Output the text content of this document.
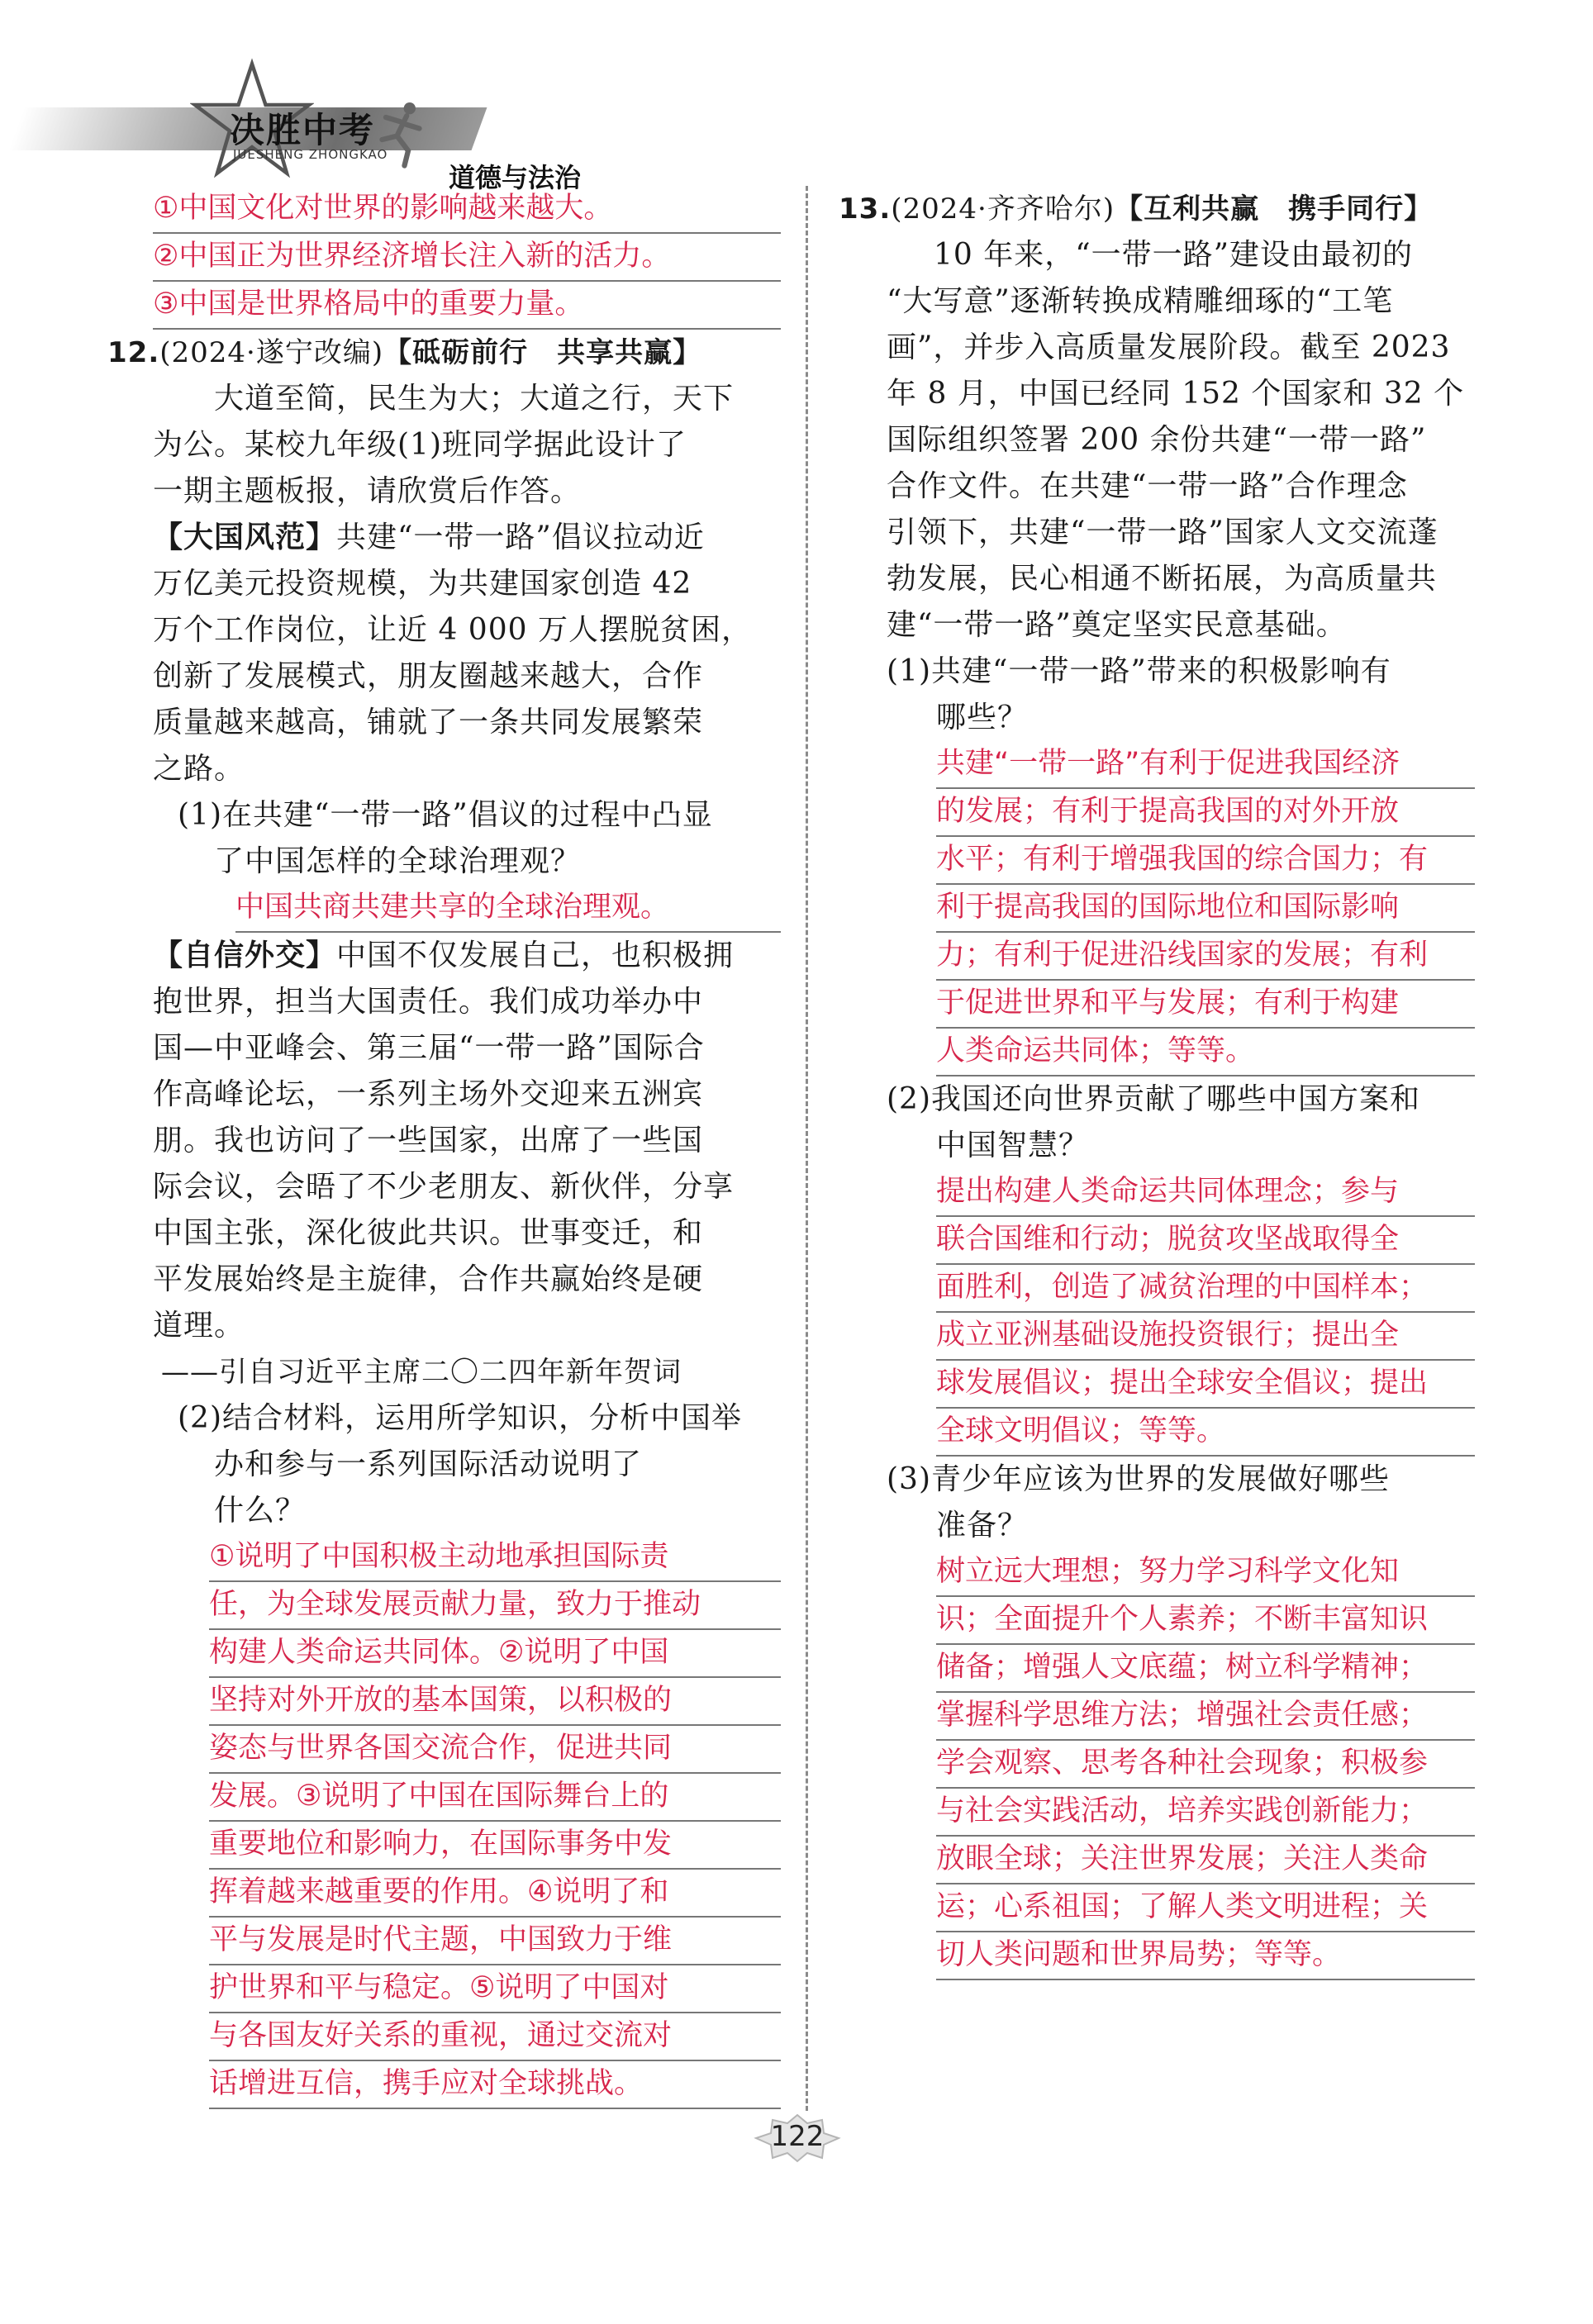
决胜中考
JUESHENG ZHONGKAO
道德与法治
①中国文化对世界的影响越来越大。
②中国正为世界经济增长注入新的活力。
③中国是世界格局中的重要力量。
12.(2024·遂宁改编)【砥砺前行　共享共赢】
大道至简，民生为大；大道之行，天下
为公。某校九年级(1)班同学据此设计了
一期主题板报，请欣赏后作答。
【大国风范】共建“一带一路”倡议拉动近
万亿美元投资规模，为共建国家创造 42
万个工作岗位，让近 4 000 万人摆脱贫困，
创新了发展模式，朋友圈越来越大，合作
质量越来越高，铺就了一条共同发展繁荣
之路。
(1)在共建“一带一路”倡议的过程中凸显
了中国怎样的全球治理观？
中国共商共建共享的全球治理观。
【自信外交】中国不仅发展自己，也积极拥
抱世界，担当大国责任。我们成功举办中
国—中亚峰会、第三届“一带一路”国际合
作高峰论坛，一系列主场外交迎来五洲宾
朋。我也访问了一些国家，出席了一些国
际会议，会晤了不少老朋友、新伙伴，分享
中国主张，深化彼此共识。世事变迁，和
平发展始终是主旋律，合作共赢始终是硬
道理。
——引自习近平主席二〇二四年新年贺词
(2)结合材料，运用所学知识，分析中国举
办和参与一系列国际活动说明了
什么？
①说明了中国积极主动地承担国际责
任，为全球发展贡献力量，致力于推动
构建人类命运共同体。②说明了中国
坚持对外开放的基本国策，以积极的
姿态与世界各国交流合作，促进共同
发展。③说明了中国在国际舞台上的
重要地位和影响力，在国际事务中发
挥着越来越重要的作用。④说明了和
平与发展是时代主题，中国致力于维
护世界和平与稳定。⑤说明了中国对
与各国友好关系的重视，通过交流对
话增进互信，携手应对全球挑战。
13.(2024·齐齐哈尔)【互利共赢　携手同行】
10 年来，“一带一路”建设由最初的
“大写意”逐渐转换成精雕细琢的“工笔
画”，并步入高质量发展阶段。截至 2023
年 8 月，中国已经同 152 个国家和 32 个
国际组织签署 200 余份共建“一带一路”
合作文件。在共建“一带一路”合作理念
引领下，共建“一带一路”国家人文交流蓬
勃发展，民心相通不断拓展，为高质量共
建“一带一路”奠定坚实民意基础。
(1)共建“一带一路”带来的积极影响有
哪些？
共建“一带一路”有利于促进我国经济
的发展；有利于提高我国的对外开放
水平；有利于增强我国的综合国力；有
利于提高我国的国际地位和国际影响
力；有利于促进沿线国家的发展；有利
于促进世界和平与发展；有利于构建
人类命运共同体；等等。
(2)我国还向世界贡献了哪些中国方案和
中国智慧？
提出构建人类命运共同体理念；参与
联合国维和行动；脱贫攻坚战取得全
面胜利，创造了减贫治理的中国样本；
成立亚洲基础设施投资银行；提出全
球发展倡议；提出全球安全倡议；提出
全球文明倡议；等等。
(3)青少年应该为世界的发展做好哪些
准备？
树立远大理想；努力学习科学文化知
识；全面提升个人素养；不断丰富知识
储备；增强人文底蕴；树立科学精神；
掌握科学思维方法；增强社会责任感；
学会观察、思考各种社会现象；积极参
与社会实践活动，培养实践创新能力；
放眼全球；关注世界发展；关注人类命
运；心系祖国；了解人类文明进程；关
切人类问题和世界局势；等等。
122
